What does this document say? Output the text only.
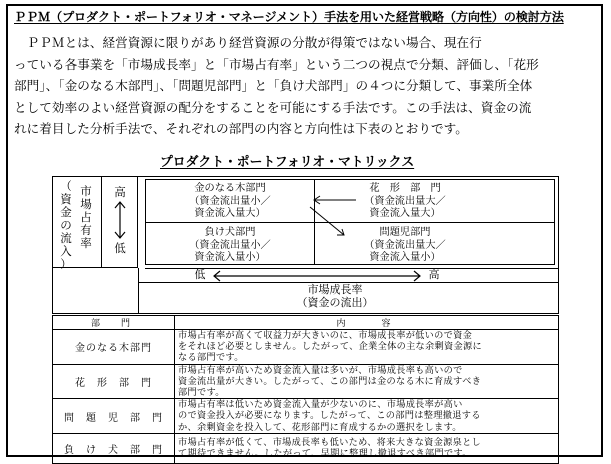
ＰＰＭ（プロダクト・ポートフォリオ・マネージメント）手法を用いた経営戦略（方向性）の検討方法
　ＰＰＭとは、経営資源に限りがあり経営資源の分散が得策ではない場合、現在行
っている各事業を「市場成長率」と「市場占有率」という二つの視点で分類、評価し、「花形
部門」、「金のなる木部門」、「問題児部門」と「負け犬部門」の４つに分類して、事業所全体
として効率のよい経営資源の配分をすることを可能にする手法です。この手法は、資金の流
れに着目した分析手法で、それぞれの部門の内容と方向性は下表のとおりです。
プロダクト・ポートフォリオ・マトリックス
（
資
金
の
流
入
）
市
場
占
有
率
高
低
金のなる木部門
（資金流出量小／
資金流入量大）
花　形　部　門
（資金流出量大／
資金流入量大）
負け犬部門
（資金流出量小／
資金流入量小）
問題児部門
（資金流出量大／
資金流入量小）
低	高
市場成長率
（資金の流出）
部　門	内　　容
金のなる木部門	市場占有率が高くて収益力が大きいのに、市場成長率が低いので資金
をそれほど必要としません。したがって、企業全体の主な余剰資金源に
なる部門です。

花　形　部　門	市場占有率が高いため資金流入量は多いが、市場成長率も高いので
資金流出量が大きい。したがって、この部門は金のなる木に育成すべき
部門です。

問　題　児　部　門	市場占有率は低いため資金流入量が少ないのに、市場成長率が高い
ので資金投入が必要になります。したがって、この部門は整理撤退する
か、余剰資金を投入して、花形部門に育成するかの選択をします。

負　け　犬　部　門	市場占有率が低くて、市場成長率も低いため、将来大きな資金源泉とし
て期待できません。したがって、早期に整理し撤退すべき部門です。
